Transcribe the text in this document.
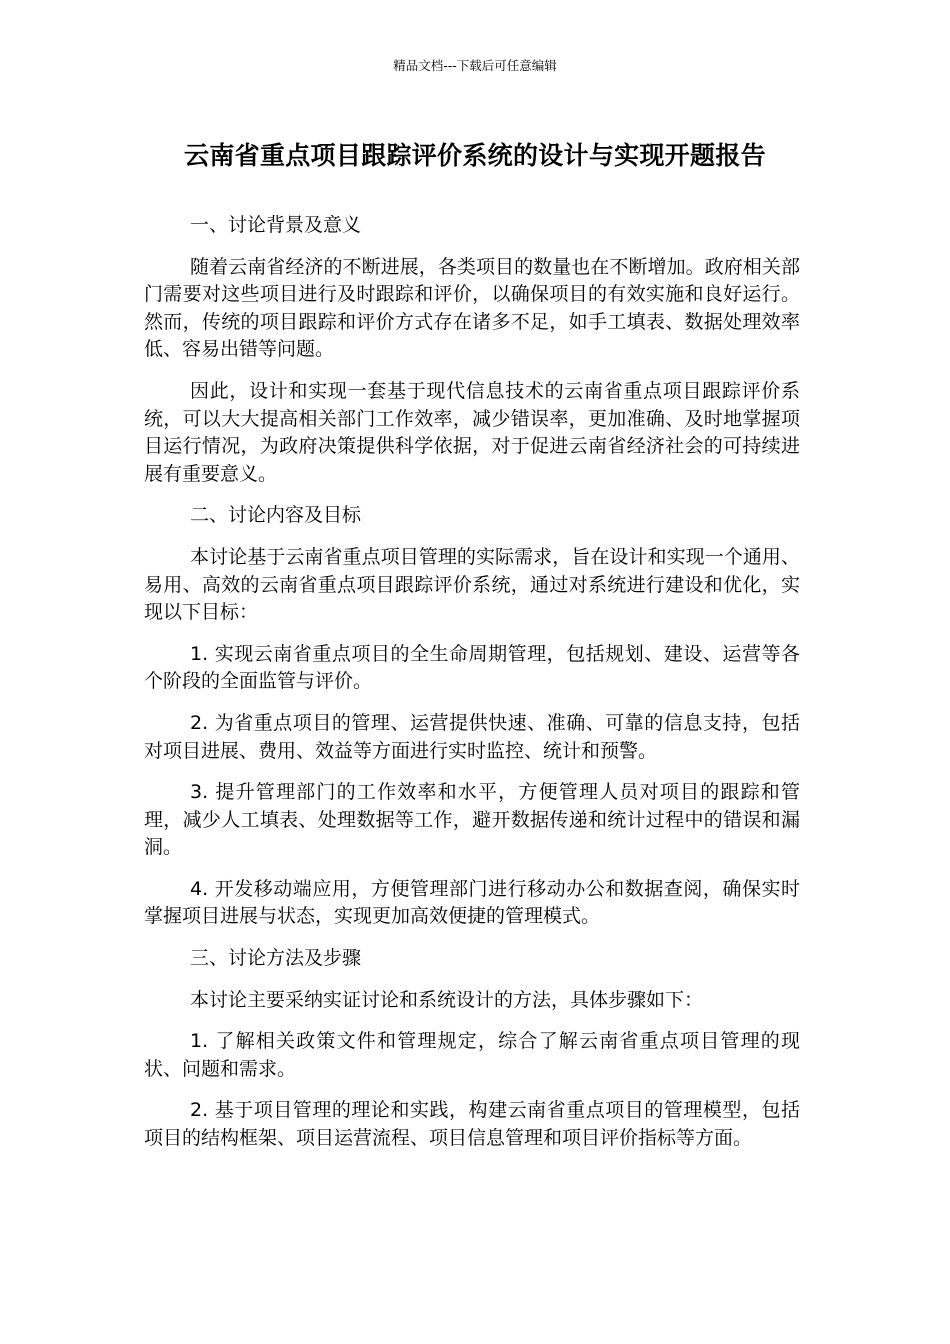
精品文档---下载后可任意编辑
云南省重点项目跟踪评价系统的设计与实现开题报告

一、讨论背景及意义

随着云南省经济的不断进展，各类项目的数量也在不断增加。政府相关部门需要对这些项目进行及时跟踪和评价，以确保项目的有效实施和良好运行。然而，传统的项目跟踪和评价方式存在诸多不足，如手工填表、数据处理效率低、容易出错等问题。

因此，设计和实现一套基于现代信息技术的云南省重点项目跟踪评价系统，可以大大提高相关部门工作效率，减少错误率，更加准确、及时地掌握项目运行情况，为政府决策提供科学依据，对于促进云南省经济社会的可持续进展有重要意义。

二、讨论内容及目标

本讨论基于云南省重点项目管理的实际需求，旨在设计和实现一个通用、易用、高效的云南省重点项目跟踪评价系统，通过对系统进行建设和优化，实现以下目标：

1. 实现云南省重点项目的全生命周期管理，包括规划、建设、运营等各个阶段的全面监管与评价。

2. 为省重点项目的管理、运营提供快速、准确、可靠的信息支持，包括对项目进展、费用、效益等方面进行实时监控、统计和预警。

3. 提升管理部门的工作效率和水平，方便管理人员对项目的跟踪和管理，减少人工填表、处理数据等工作，避开数据传递和统计过程中的错误和漏洞。

4. 开发移动端应用，方便管理部门进行移动办公和数据查阅，确保实时掌握项目进展与状态，实现更加高效便捷的管理模式。

三、讨论方法及步骤

本讨论主要采纳实证讨论和系统设计的方法，具体步骤如下：

1. 了解相关政策文件和管理规定，综合了解云南省重点项目管理的现状、问题和需求。

2. 基于项目管理的理论和实践，构建云南省重点项目的管理模型，包括项目的结构框架、项目运营流程、项目信息管理和项目评价指标等方面。
